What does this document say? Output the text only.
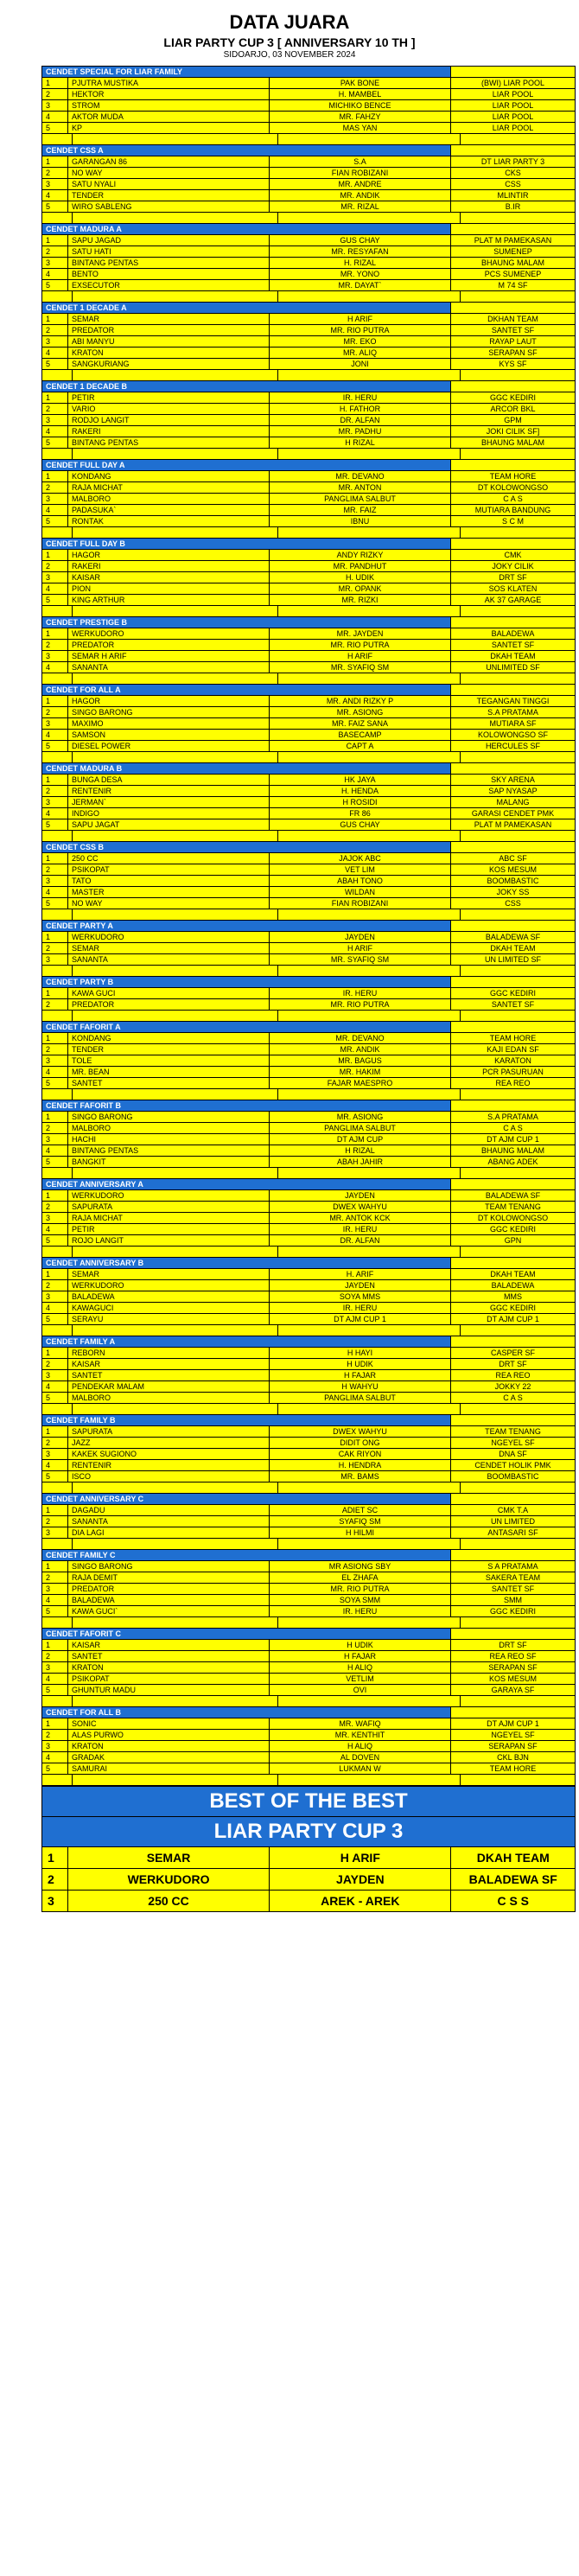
DATA JUARA
LIAR PARTY CUP 3 [ ANNIVERSARY 10 TH ]
SIDOARJO, 03 NOVEMBER 2024
CENDET SPECIAL FOR LIAR FAMILY
1	PJUTRA MUSTIKA	PAK BONE	(BWI) LIAR POOL
2	HEKTOR	H. MAMBEL	LIAR POOL
3	STROM	MICHIKO BENCE	LIAR POOL
4	AKTOR MUDA	MR. FAHZY	LIAR POOL
5	KP	MAS YAN	LIAR POOL
CENDET CSS A
1	GARANGAN 86	S.A	DT LIAR PARTY 3
2	NO WAY	FIAN ROBIZANI	CKS
3	SATU NYALI	MR. ANDRE	CSS
4	TENDER	MR. ANDIK	MLINTIR
5	WIRO SABLENG	MR. RIZAL	B.IR
CENDET MADURA A
1	SAPU JAGAD	GUS CHAY	PLAT M PAMEKASAN
2	SATU HATI	MR. RESYAFAN	SUMENEP
3	BINTANG PENTAS	H. RIZAL	BHAUNG MALAM
4	BENTO	MR. YONO	PCS SUMENEP
5	EXSECUTOR	MR. DAYAT`	M 74 SF
CENDET 1 DECADE A
1	SEMAR	H ARIF	DKHAN TEAM
2	PREDATOR	MR. RIO PUTRA	SANTET SF
3	ABI MANYU	MR. EKO	RAYAP LAUT
4	KRATON	MR. ALIQ	SERAPAN SF
5	SANGKURIANG	JONI	KYS SF
CENDET 1 DECADE B
1	PETIR	IR. HERU	GGC KEDIRI
2	VARIO	H. FATHOR	ARCOR BKL
3	RODJO LANGIT	DR. ALFAN	GPM
4	RAKERI	MR. PADHU	JOKI CILIK SF]
5	BINTANG PENTAS	H RIZAL	BHAUNG MALAM
CENDET FULL DAY A
1	KONDANG	MR. DEVANO	TEAM HORE
2	RAJA MICHAT	MR. ANTON	DT KOLOWONGSO
3	MALBORO	PANGLIMA SALBUT	C A S
4	PADASUKA`	MR. FAIZ	MUTIARA BANDUNG
5	RONTAK	IBNU	S C M
CENDET FULL DAY B
1	HAGOR	ANDY RIZKY	CMK
2	RAKERI	MR. PANDHUT	JOKY CILIK
3	KAISAR	H. UDIK	DRT SF
4	PION	MR. OPANK	SOS KLATEN
5	KING ARTHUR	MR. RIZKI	AK 37 GARAGE
CENDET PRESTIGE B
1	WERKUDORO	MR. JAYDEN	BALADEWA
2	PREDATOR	MR. RIO PUTRA	SANTET SF
3	SEMAR H ARIF	H ARIF	DKAH TEAM
4	SANANTA	MR. SYAFIQ SM	UNLIMITED SF
CENDET FOR ALL A
1	HAGOR	MR. ANDI RIZKY P	TEGANGAN TINGGI
2	SINGO BARONG	MR. ASIONG	S.A PRATAMA
3	MAXIMO	MR. FAIZ SANA	MUTIARA SF
4	SAMSON	BASECAMP	KOLOWONGSO SF
5	DIESEL POWER	CAPT A	HERCULES SF
CENDET MADURA B
1	BUNGA DESA	HK JAYA	SKY ARENA
2	RENTENIR	H. HENDA	SAP NYASAP
3	JERMAN`	H ROSIDI	MALANG
4	INDIGO	FR 86	GARASI CENDET PMK
5	SAPU JAGAT	GUS CHAY	PLAT M PAMEKASAN
CENDET CSS B
1	250 CC	JAJOK ABC	ABC SF
2	PSIKOPAT	VET LIM	KOS MESUM
3	TATO	ABAH TONO	BOOMBASTIC
4	MASTER	WILDAN	JOKY SS
5	NO WAY	FIAN ROBIZANI	CSS
CENDET PARTY A
1	WERKUDORO	JAYDEN	BALADEWA SF
2	SEMAR	H ARIF	DKAH TEAM
3	SANANTA	MR. SYAFIQ SM	UN LIMITED SF
CENDET PARTY B
1	KAWA GUCI	IR. HERU	GGC KEDIRI
2	PREDATOR	MR. RIO PUTRA	SANTET SF
CENDET FAFORIT A
1	KONDANG	MR. DEVANO	TEAM HORE
2	TENDER	MR. ANDIK	KAJI EDAN SF
3	TOLE	MR. BAGUS	KARATON
4	MR. BEAN	MR. HAKIM	PCR PASURUAN
5	SANTET	FAJAR MAESPRO	REA REO
CENDET FAFORIT B
1	SINGO BARONG	MR. ASIONG	S.A PRATAMA
2	MALBORO	PANGLIMA SALBUT	C A S
3	HACHI	DT AJM CUP	DT AJM CUP 1
4	BINTANG PENTAS	H RIZAL	BHAUNG MALAM
5	BANGKIT	ABAH JAHIR	ABANG ADEK
CENDET ANNIVERSARY A
1	WERKUDORO	JAYDEN	BALADEWA SF
2	SAPURATA	DWEX WAHYU	TEAM TENANG
3	RAJA MICHAT	MR. ANTOK KCK	DT KOLOWONGSO
4	PETIR	IR. HERU	GGC KEDIRI
5	ROJO LANGIT	DR. ALFAN	GPN
CENDET ANNIVERSARY B
1	SEMAR	H. ARIF	DKAH TEAM
2	WERKUDORO	JAYDEN	BALADEWA
3	BALADEWA	SOYA MMS	MMS
4	KAWAGUCI	IR. HERU	GGC KEDIRI
5	SERAYU	DT AJM CUP 1	DT AJM CUP 1
CENDET FAMILY A
1	REBORN	H HAYI	CASPER SF
2	KAISAR	H UDIK	DRT SF
3	SANTET	H FAJAR	REA REO
4	PENDEKAR MALAM	H WAHYU	JOKKY 22
5	MALBORO	PANGLIMA SALBUT	C A S
CENDET FAMILY B
1	SAPURATA	DWEX WAHYU	TEAM TENANG
2	JAZZ	DIDIT ONG	NGEYEL SF
3	KAKEK SUGIONO	CAK RIYON	DNA SF
4	RENTENIR	H. HENDRA	CENDET HOLIK PMK
5	ISCO	MR. BAMS	BOOMBASTIC
CENDET ANNIVERSARY C
1	DAGADU	ADIET SC	CMK T.A
2	SANANTA	SYAFIQ SM	UN LIMITED
3	DIA LAGI	H HILMI	ANTASARI SF
CENDET FAMILY C
1	SINGO BARONG	MR ASIONG SBY	S A PRATAMA
2	RAJA DEMIT	EL ZHAFA	SAKERA TEAM
3	PREDATOR	MR. RIO PUTRA	SANTET SF
4	BALADEWA	SOYA SMM	SMM
5	KAWA GUCI`	IR. HERU	GGC KEDIRI
CENDET FAFORIT C
1	KAISAR	H UDIK	DRT SF
2	SANTET	H FAJAR	REA REO SF
3	KRATON	H ALIQ	SERAPAN SF
4	PSIKOPAT	VETLIM	KOS MESUM
5	GHUNTUR MADU	OVI	GARAYA SF
CENDET FOR ALL B
1	SONIC	MR. WAFIQ	DT AJM CUP 1
2	ALAS PURWO	MR. KENTHIT	NGEYEL SF
3	KRATON	H ALIQ	SERAPAN SF
4	GRADAK	AL DOVEN	CKL BJN
5	SAMURAI	LUKMAN W	TEAM HORE
BEST OF THE BEST
LIAR PARTY CUP 3
1	SEMAR	H ARIF	DKAH TEAM
2	WERKUDORO	JAYDEN	BALADEWA SF
3	250 CC	AREK - AREK	C S S
